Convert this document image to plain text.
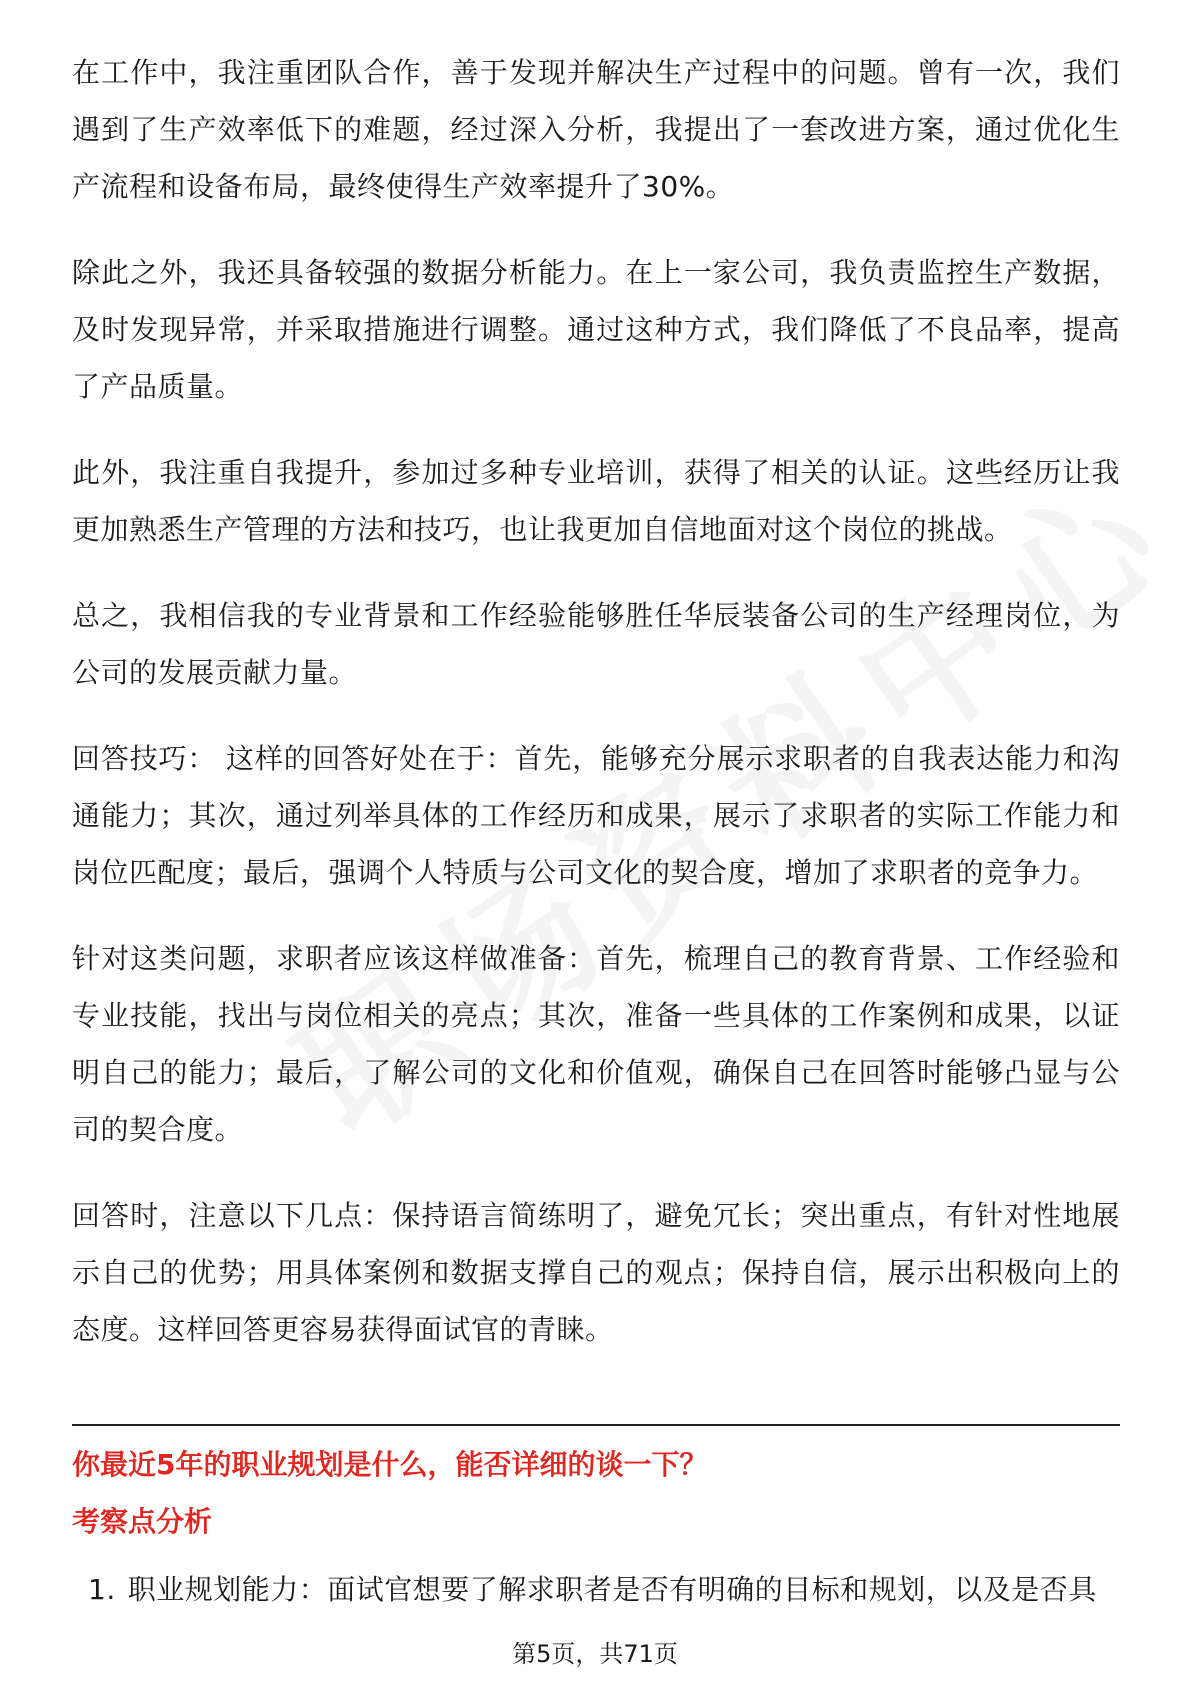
在工作中，我注重团队合作，善于发现并解决生产过程中的问题。曾有一次，我们遇到了生产效率低下的难题，经过深入分析，我提出了一套改进方案，通过优化生产流程和设备布局，最终使得生产效率提升了30%。

除此之外，我还具备较强的数据分析能力。在上一家公司，我负责监控生产数据，及时发现异常，并采取措施进行调整。通过这种方式，我们降低了不良品率，提高了产品质量。

此外，我注重自我提升，参加过多种专业培训，获得了相关的认证。这些经历让我更加熟悉生产管理的方法和技巧，也让我更加自信地面对这个岗位的挑战。

总之，我相信我的专业背景和工作经验能够胜任华辰装备公司的生产经理岗位，为公司的发展贡献力量。

回答技巧： 这样的回答好处在于：首先，能够充分展示求职者的自我表达能力和沟通能力；其次，通过列举具体的工作经历和成果，展示了求职者的实际工作能力和岗位匹配度；最后，强调个人特质与公司文化的契合度，增加了求职者的竞争力。

针对这类问题，求职者应该这样做准备：首先，梳理自己的教育背景、工作经验和专业技能，找出与岗位相关的亮点；其次，准备一些具体的工作案例和成果，以证明自己的能力；最后，了解公司的文化和价值观，确保自己在回答时能够凸显与公司的契合度。

回答时，注意以下几点：保持语言简练明了，避免冗长；突出重点，有针对性地展示自己的优势；用具体案例和数据支撑自己的观点；保持自信，展示出积极向上的态度。这样回答更容易获得面试官的青睐。

你最近5年的职业规划是什么，能否详细的谈一下？
考察点分析
1. 职业规划能力：面试官想要了解求职者是否有明确的目标和规划，以及是否具
第5页，共71页
